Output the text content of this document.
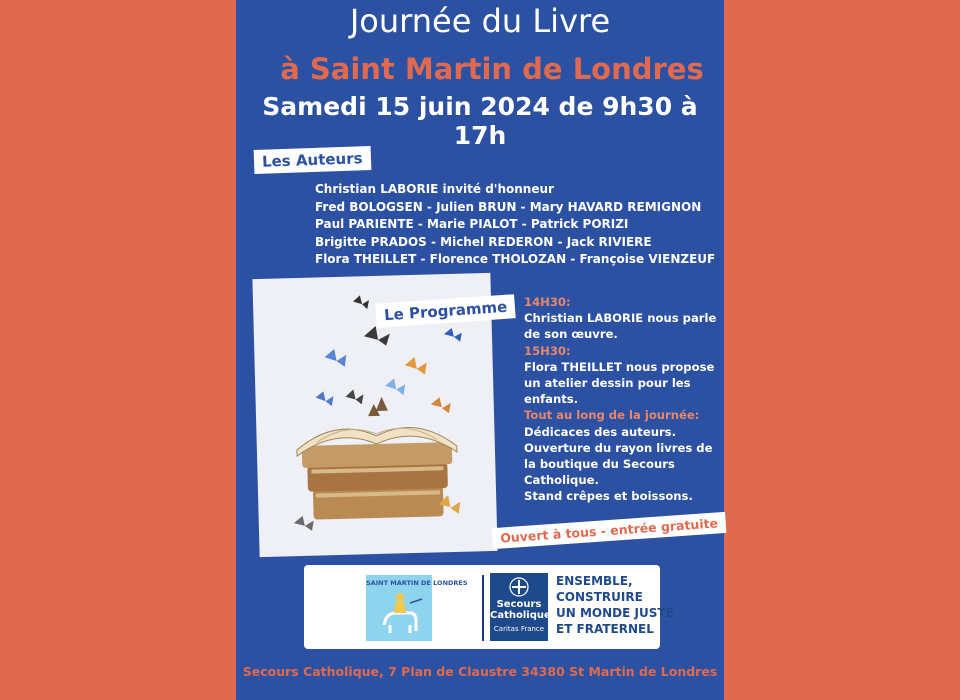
Journée du Livre
à Saint Martin de Londres
Samedi 15 juin 2024 de 9h30 à 17h
Les Auteurs
Christian LABORIE invité d'honneur
Fred BOLOGSEN - Julien BRUN - Mary HAVARD REMIGNON
Paul PARIENTE - Marie PIALOT - Patrick PORIZI
Brigitte PRADOS - Michel REDERON - Jack RIVIERE
Flora THEILLET - Florence THOLOZAN - Françoise VIENZEUF
Le Programme	14H30:
Christian LABORIE nous parle
de son œuvre.
15H30:
Flora THEILLET nous propose
un atelier dessin pour les
enfants.
Tout au long de la journée:
Dédicaces des auteurs.
Ouverture du rayon livres de
la boutique du Secours
Catholique.
Stand crêpes et boissons.
Ouvert à tous - entrée gratuite
SAINT MARTIN DE LONDRES
Secours
Catholique
Caritas France
ENSEMBLE,
CONSTRUIRE
UN MONDE JUSTE
ET FRATERNEL
Secours Catholique, 7 Plan de Claustre 34380 St Martin de Londres
